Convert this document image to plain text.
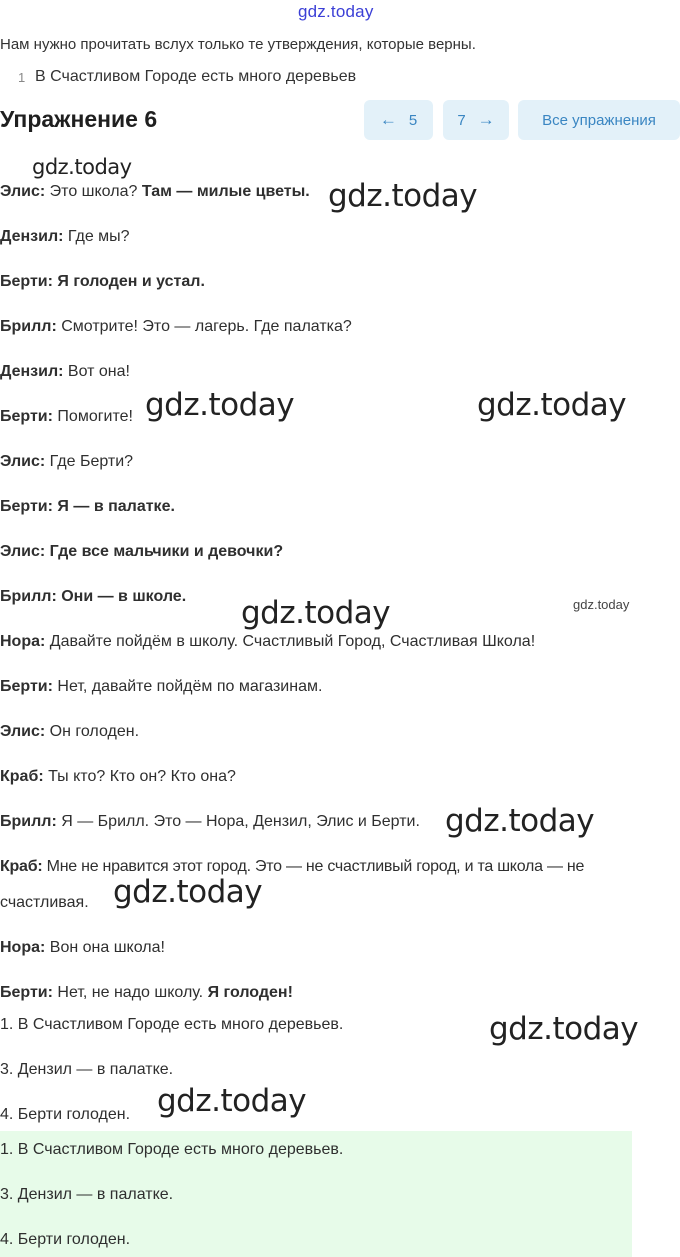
gdz.today
Нам нужно прочитать вслух только те утверждения, которые верны.
1 В Счастливом Городе есть много деревьев
Упражнение 6	← 5	7 →	Все упражнения
Элис: Это школа? Там — милые цветы.
Дензил: Где мы?
Берти: Я голоден и устал.
Брилл: Смотрите! Это — лагерь. Где палатка?
Дензил: Вот она!
Берти: Помогите!
Элис: Где Берти?
Берти: Я — в палатке.
Элис: Где все мальчики и девочки?
Брилл: Они — в школе.
Нора: Давайте пойдём в школу. Счастливый Город, Счастливая Школа!
Берти: Нет, давайте пойдём по магазинам.
Элис: Он голоден.
Краб: Ты кто? Кто он? Кто она?
Брилл: Я — Брилл. Это — Нора, Дензил, Элис и Берти.
Краб: Мне не нравится этот город. Это — не счастливый город, и та школа — не
счастливая.
Нора: Вон она школа!
Берти: Нет, не надо школу. Я голоден!
1. В Счастливом Городе есть много деревьев.
3. Дензил — в палатке.
4. Берти голоден.
1. В Счастливом Городе есть много деревьев.
3. Дензил — в палатке.
4. Берти голоден.
gdz.today
gdz.today
gdz.today	gdz.today
gdz.today	gdz.today
gdz.today
gdz.today
gdz.today
gdz.today
